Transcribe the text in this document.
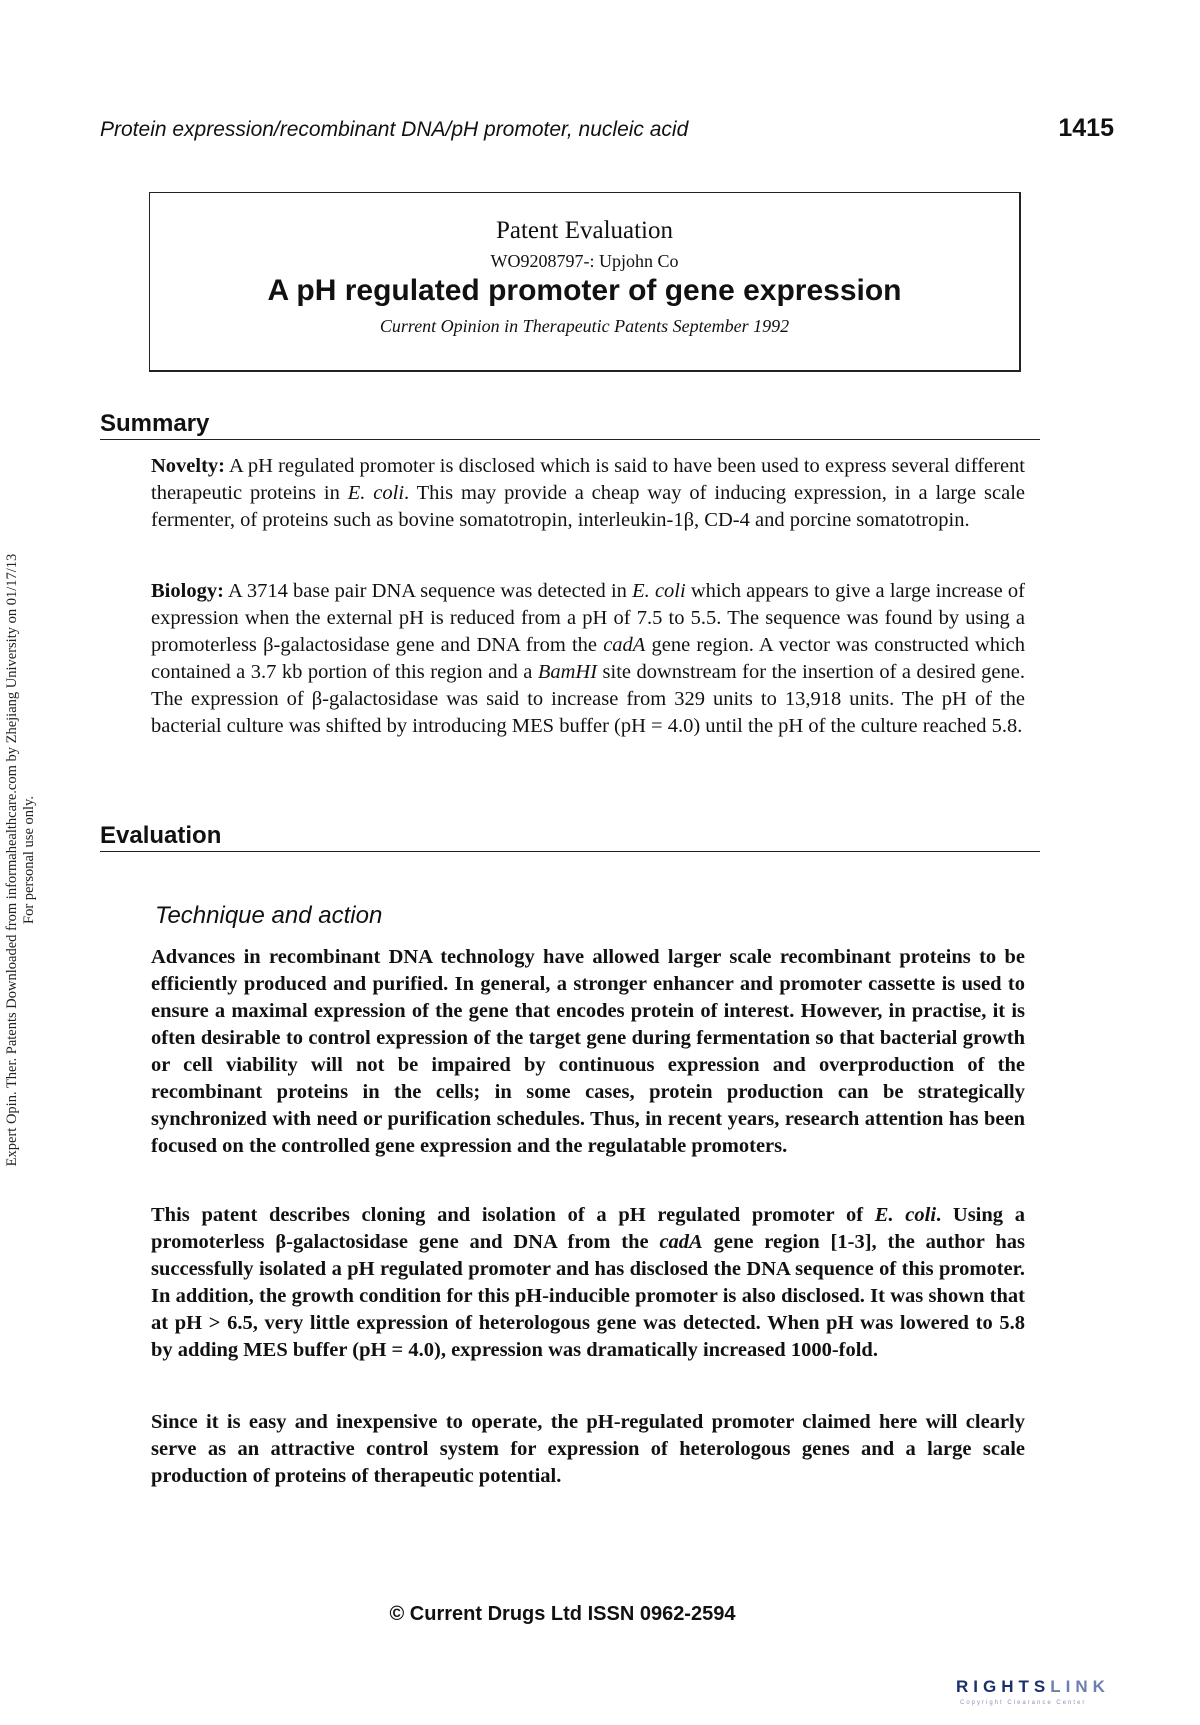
Protein expression/recombinant DNA/pH promoter, nucleic acid	1415
Patent Evaluation
WO9208797-: Upjohn Co
A pH regulated promoter of gene expression
Current Opinion in Therapeutic Patents September 1992
Summary
Novelty: A pH regulated promoter is disclosed which is said to have been used to express several different therapeutic proteins in E. coli. This may provide a cheap way of inducing expression, in a large scale fermenter, of proteins such as bovine somatotropin, interleukin-1β, CD-4 and porcine somatotropin.
Biology: A 3714 base pair DNA sequence was detected in E. coli which appears to give a large increase of expression when the external pH is reduced from a pH of 7.5 to 5.5. The sequence was found by using a promoterless β-galactosidase gene and DNA from the cadA gene region. A vector was constructed which contained a 3.7 kb portion of this region and a BamHI site downstream for the insertion of a desired gene. The expression of β-galactosidase was said to increase from 329 units to 13,918 units. The pH of the bacterial culture was shifted by introducing MES buffer (pH = 4.0) until the pH of the culture reached 5.8.
Evaluation
Technique and action
Advances in recombinant DNA technology have allowed larger scale recombinant proteins to be efficiently produced and purified. In general, a stronger enhancer and promoter cassette is used to ensure a maximal expression of the gene that encodes protein of interest. However, in practise, it is often desirable to control expression of the target gene during fermentation so that bacterial growth or cell viability will not be impaired by continuous expression and overproduction of the recombinant proteins in the cells; in some cases, protein production can be strategically synchronized with need or purification schedules. Thus, in recent years, research attention has been focused on the controlled gene expression and the regulatable promoters.
This patent describes cloning and isolation of a pH regulated promoter of E. coli. Using a promoterless β-galactosidase gene and DNA from the cadA gene region [1-3], the author has successfully isolated a pH regulated promoter and has disclosed the DNA sequence of this promoter. In addition, the growth condition for this pH-inducible promoter is also disclosed. It was shown that at pH > 6.5, very little expression of heterologous gene was detected. When pH was lowered to 5.8 by adding MES buffer (pH = 4.0), expression was dramatically increased 1000-fold.
Since it is easy and inexpensive to operate, the pH-regulated promoter claimed here will clearly serve as an attractive control system for expression of heterologous genes and a large scale production of proteins of therapeutic potential.
Expert Opin. Ther. Patents Downloaded from informahealthcare.com by Zhejiang University on 01/17/13 For personal use only.
© Current Drugs Ltd ISSN 0962-2594
RIGHTSLINK
Copyright Clearance Center
